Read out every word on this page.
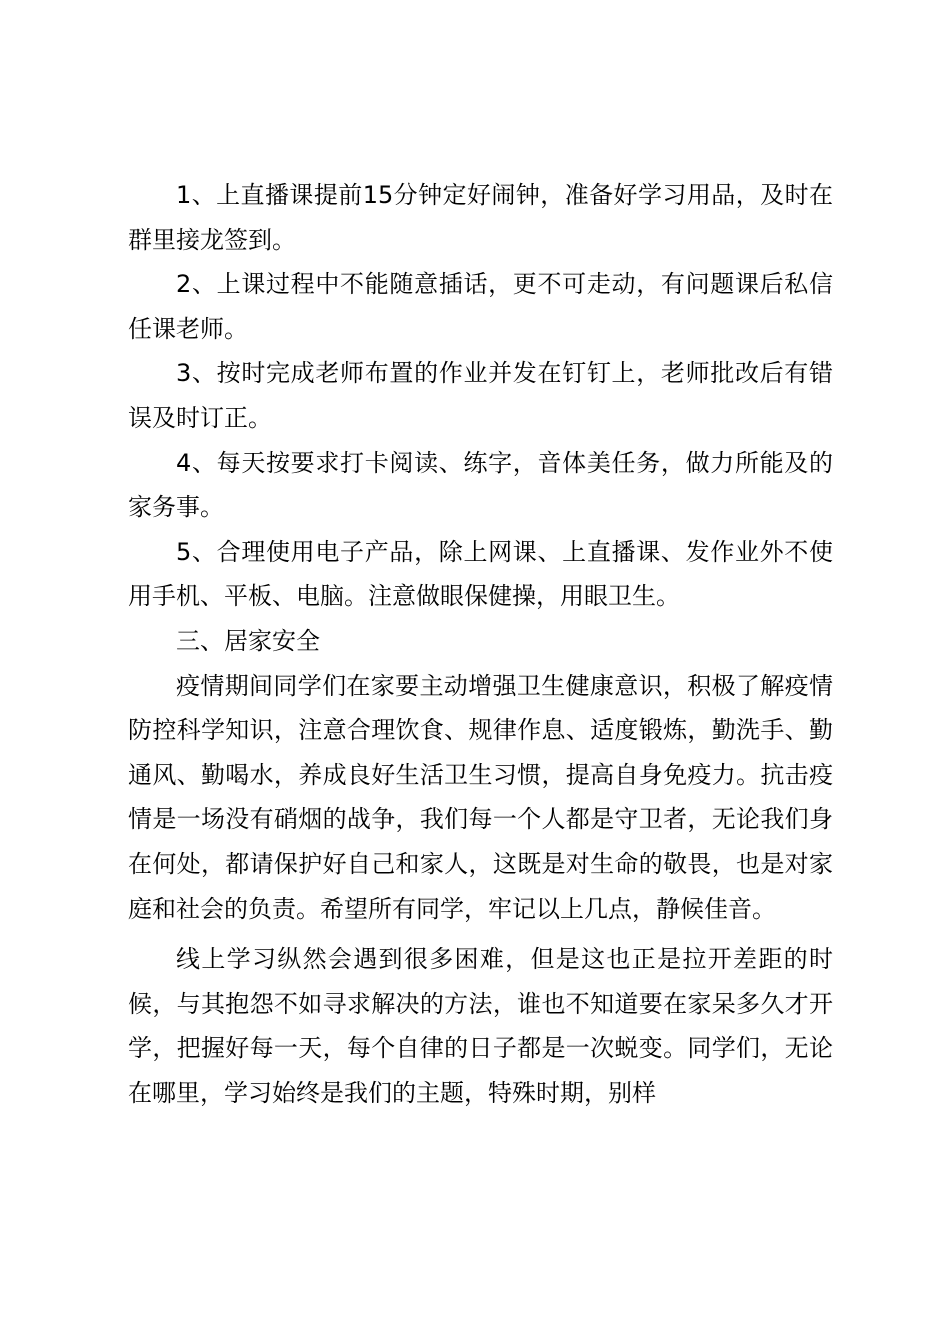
1、上直播课提前15分钟定好闹钟，准备好学习用品，及时在群里接龙签到。

2、上课过程中不能随意插话，更不可走动，有问题课后私信任课老师。

3、按时完成老师布置的作业并发在钉钉上，老师批改后有错误及时订正。

4、每天按要求打卡阅读、练字，音体美任务，做力所能及的家务事。

5、合理使用电子产品，除上网课、上直播课、发作业外不使用手机、平板、电脑。注意做眼保健操，用眼卫生。

三、居家安全

疫情期间同学们在家要主动增强卫生健康意识，积极了解疫情防控科学知识，注意合理饮食、规律作息、适度锻炼，勤洗手、勤通风、勤喝水，养成良好生活卫生习惯，提高自身免疫力。抗击疫情是一场没有硝烟的战争，我们每一个人都是守卫者，无论我们身在何处，都请保护好自己和家人，这既是对生命的敬畏，也是对家庭和社会的负责。希望所有同学，牢记以上几点，静候佳音。

线上学习纵然会遇到很多困难，但是这也正是拉开差距的时候，与其抱怨不如寻求解决的方法，谁也不知道要在家呆多久才开学，把握好每一天，每个自律的日子都是一次蜕变。同学们，无论在哪里，学习始终是我们的主题，特殊时期，别样
